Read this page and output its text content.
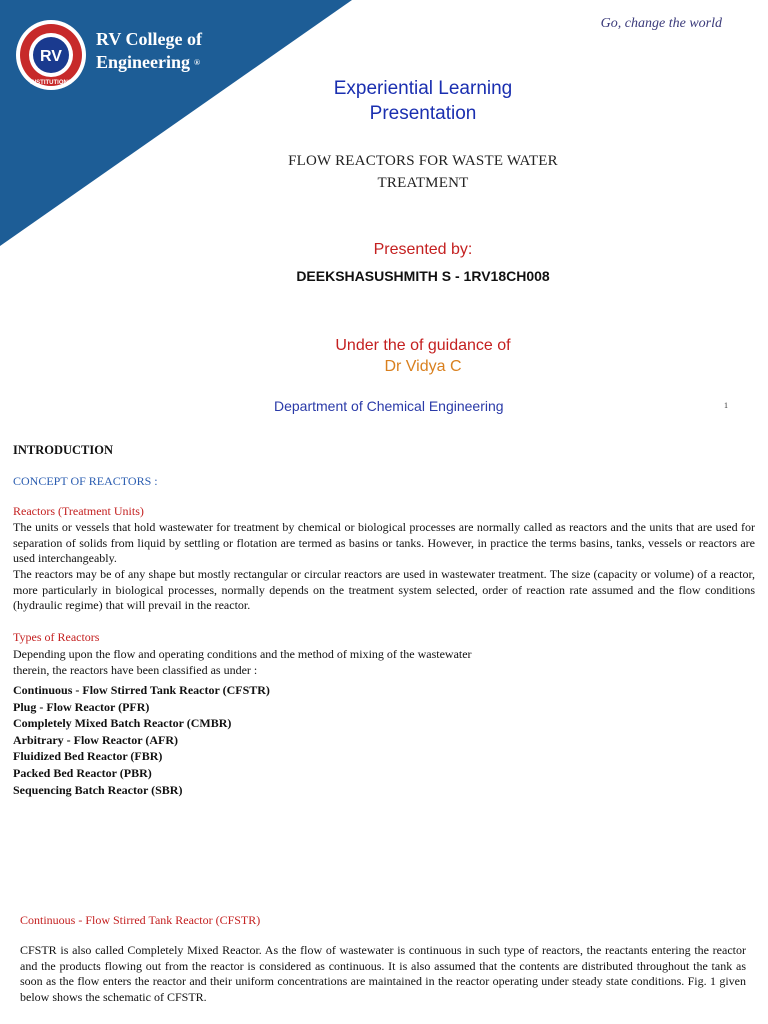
RV
INSTITUTIONS
RV College of
Engineering ®
Go, change the world
Experiential Learning
Presentation
FLOW REACTORS FOR WASTE WATER
TREATMENT
Presented by:
DEEKSHASUSHMITH S - 1RV18CH008
Under the of guidance of
Dr Vidya C
Department of Chemical Engineering	1
INTRODUCTION
CONCEPT OF REACTORS :
Reactors (Treatment Units)

The units or vessels that hold wastewater for treatment by chemical or biological processes are normally called as reactors and the units that are used for separation of solids from liquid by settling or flotation are termed as basins or tanks. However, in practice the terms basins, tanks, vessels or reactors are used interchangeably.

The reactors may be of any shape but mostly rectangular or circular reactors are used in wastewater treatment. The size (capacity or volume) of a reactor, more particularly in biological processes, normally depends on the treatment system selected, order of reaction rate assumed and the flow conditions (hydraulic regime) that will prevail in the reactor.

Types of Reactors
Depending upon the flow and operating conditions and the method of mixing of the wastewater
therein, the reactors have been classified as under :
Continuous - Flow Stirred Tank Reactor (CFSTR)
Plug - Flow Reactor (PFR)
Completely Mixed Batch Reactor (CMBR)
Arbitrary - Flow Reactor (AFR)
Fluidized Bed Reactor (FBR)
Packed Bed Reactor (PBR)
Sequencing Batch Reactor (SBR)
Continuous - Flow Stirred Tank Reactor (CFSTR)

CFSTR is also called Completely Mixed Reactor. As the flow of wastewater is continuous in such type of reactors, the reactants entering the reactor and the products flowing out from the reactor is considered as continuous. It is also assumed that the contents are distributed throughout the tank as soon as the flow enters the reactor and their uniform concentrations are maintained in the reactor operating under steady state conditions. Fig. 1 given below shows the schematic of CFSTR.
